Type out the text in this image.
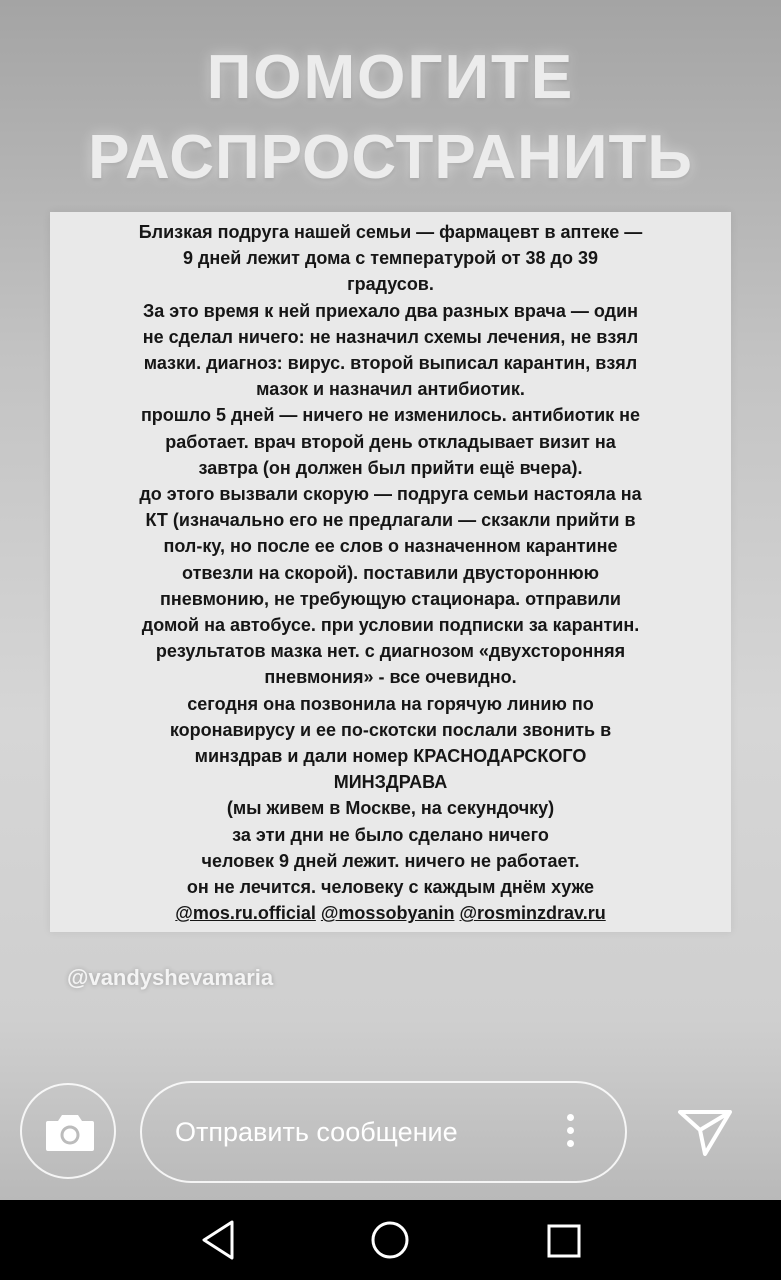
ПОМОГИТЕ
РАСПРОСТРАНИТЬ
Близкая подруга нашей семьи — фармацевт в аптеке —
9 дней лежит дома с температурой от 38 до 39
градусов.
За это время к ней приехало два разных врача — один
не сделал ничего: не назначил схемы лечения, не взял
мазки. диагноз: вирус. второй выписал карантин, взял
мазок и назначил антибиотик.
прошло 5 дней — ничего не изменилось. антибиотик не
работает. врач второй день откладывает визит на
завтра (он должен был прийти ещё вчера).
до этого вызвали скорую — подруга семьи настояла на
КТ (изначально его не предлагали — скзакли прийти в
пол-ку, но после ее слов о назначенном карантине
отвезли на скорой). поставили двустороннюю
пневмонию, не требующую стационара. отправили
домой на автобусе. при условии подписки за карантин.
результатов мазка нет. с диагнозом «двухсторонняя
пневмония» - все очевидно.
сегодня она позвонила на горячую линию по
коронавирусу и ее по-скотски послали звонить в
минздрав и дали номер КРАСНОДАРСКОГО
МИНЗДРАВА
(мы живем в Москве, на секундочку)
за эти дни не было сделано ничего
человек 9 дней лежит. ничего не работает.
он не лечится. человеку с каждым днём хуже
@mos.ru.official @mossobyanin @rosminzdrav.ru
@vandyshevamaria
Отправить сообщение
